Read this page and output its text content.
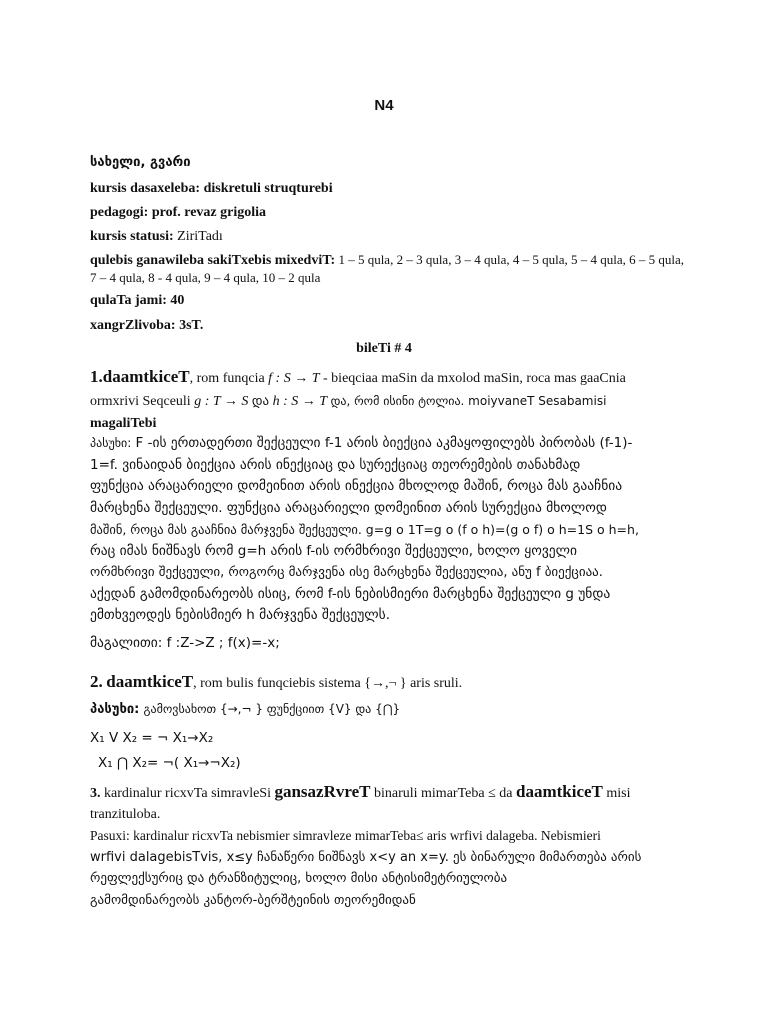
N4
სახელი, გვარი
kursis dasaxeleba: diskretuli struqturebi
pedagogi: prof. revaz grigolia
kursis statusi: ZiriTadı
qulebis ganawileba sakiTxebis mixedviT: 1 – 5 qula, 2 – 3 qula, 3 – 4 qula, 4 – 5 qula, 5 – 4 qula, 6 – 5 qula, 7 – 4 qula, 8 - 4 qula, 9 – 4 qula, 10 – 2 qula
qulaTa jami: 40
xangrZlivoba: 3sT.
bileTi # 4

1.daamtkiceT, rom funqcia f : S → T - bieqciaa maSin da mxolod maSin, roca mas gaaCnia

ormxrivi Seqceuli g : T → S და h : S → T და, რომ ისინი ტოლია. moiyvaneT Sesabamisi

magaliTebi

პასუხი: F -ის ერთადერთი შექცეული f-1 არის ბიექცია აკმაყოფილებს პირობას (f-1)-

1=f. ვინაიდან ბიექცია არის ინექციაც და სურექციაც თეორემების თანახმად

ფუნქცია არაცარიელი დომეინით არის ინექცია მხოლოდ მაშინ, როცა მას გააჩნია

მარცხენა შექცეული. ფუნქცია არაცარიელი დომეინით არის სურექცია მხოლოდ

მაშინ, როცა მას გააჩნია მარჯვენა შექცეული. g=g o 1T=g o (f o h)=(g o f) o h=1S o h=h,

რაც იმას ნიშნავს რომ g=h არის f-ის ორმხრივი შექცეული, ხოლო ყოველი

ორმხრივი შექცეული, როგორც მარჯვენა ისე მარცხენა შექცეულია, ანუ f ბიექციაა.

აქედან გამომდინარეობს ისიც, რომ f-ის ნებისმიერი მარცხენა შექცეული g უნდა

ემთხვეოდეს ნებისმიერ h მარჯვენა შექცეულს.

მაგალითი: f :Z->Z ; f(x)=-x;

2. daamtkiceT, rom bulis funqciebis sistema {→,¬ } aris sruli.
პასუხი: გამოვსახოთ {→,¬ } ფუნქციით {V} და {⋂}
X₁ V X₂ = ¬ X₁→X₂
X₁ ⋂ X₂= ¬( X₁→¬X₂)

3. kardinalur ricxvTa simravleSi gansazRvreT binaruli mimarTeba ≤ da daamtkiceT misi

tranzituloba.

Pasuxi: kardinalur ricxvTa nebismier simravleze mimarTeba≤ aris wrfivi dalageba. Nebismieri

wrfivi dalagebisTvis, x≤y ჩანაწერი ნიშნავს x<y an x=y. ეს ბინარული მიმართება არის

რეფლექსურიც და ტრანზიტულიც, ხოლო მისი ანტისიმეტრიულობა

გამომდინარეობს კანტორ-ბერშტეინის თეორემიდან
